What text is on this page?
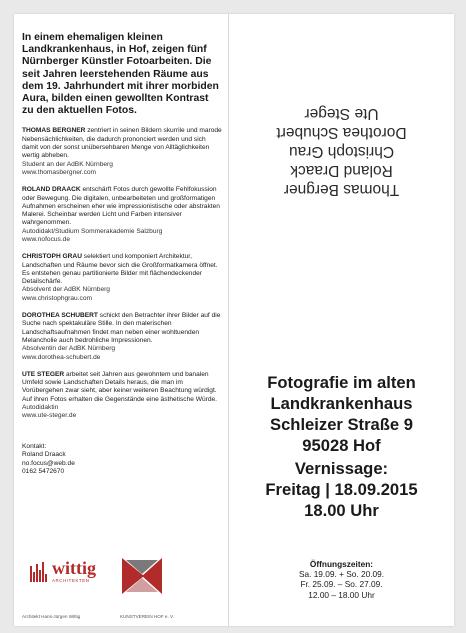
In einem ehemaligen kleinen Landkrankenhaus, in Hof, zeigen fünf Nürnberger Künstler Fotoarbeiten. Die seit Jahren leerstehenden Räume aus dem 19. Jahrhundert mit ihrer morbiden Aura, bilden einen gewollten Kontrast zu den aktuellen Fotos.

THOMAS BERGNER zentriert in seinen Bildern skurrile und marode Nebensächlichkeiten, die dadurch prononciert werden und sich damit von der sonst unübersehbaren Menge von Alltäglichkeiten wertig abheben.

Student an der AdBK Nürnberg
www.thomasbergner.com

ROLAND DRAACK entschärft Fotos durch gewollte Fehlfokussion oder Bewegung. Die digitalen, unbearbeiteten und großformatigen Aufnahmen erscheinen eher wie impressionistische oder abstrakten Malerei. Scheinbar werden Licht und Farben intensiver wahrgenommen.

Autodidakt/Studium Sommerakademie Salzburg
www.nofocus.de

CHRISTOPH GRAU selektiert und komponiert Architektur, Landschaften und Räume bevor sich die Großformatkamera öffnet. Es entstehen genau partitionierte Bilder mit flächendeckender Detailschärfe.

Absolvent der AdBK Nürnberg
www.christophgrau.com

DOROTHEA SCHUBERT schickt den Betrachter ihrer Bilder auf die Suche nach spektakuläre Stille. In den malerischen Landschaftsaufnahmen findet man neben einer wohltuenden Melancholie auch bedrohliche Impressionen.

Absolventin der AdBK Nürnberg
www.dorothea-schubert.de

UTE STEGER arbeitet seit Jahren aus gewohntem und banalen Umfeld sowie Landschaften Details heraus, die man im Vorübergehen zwar sieht, aber keiner weiteren Beachtung würdigt. Auf ihren Fotos erhalten die Gegenstände eine ästhetische Würde.

Autodidaktin
www.ute-steger.de
Kontakt:
Roland Draack
no.focus@web.de
0162 5472670
wittig
ARCHITEKTEN
Architekt Hans-Jürgen Wittig	KUNSTVEREIN HOF e. V.
Thomas Bergner
Roland Draack
Christoph Grau
Dorothea Schubert
Ute Steger
Fotografie im alten
Landkrankenhaus
Schleizer Straße 9
95028 Hof
Vernissage:
Freitag | 18.09.2015
18.00 Uhr
Öffnungszeiten:
Sa. 19.09. + So. 20.09.
Fr. 25.09. – So. 27.09.
12.00 – 18.00 Uhr
